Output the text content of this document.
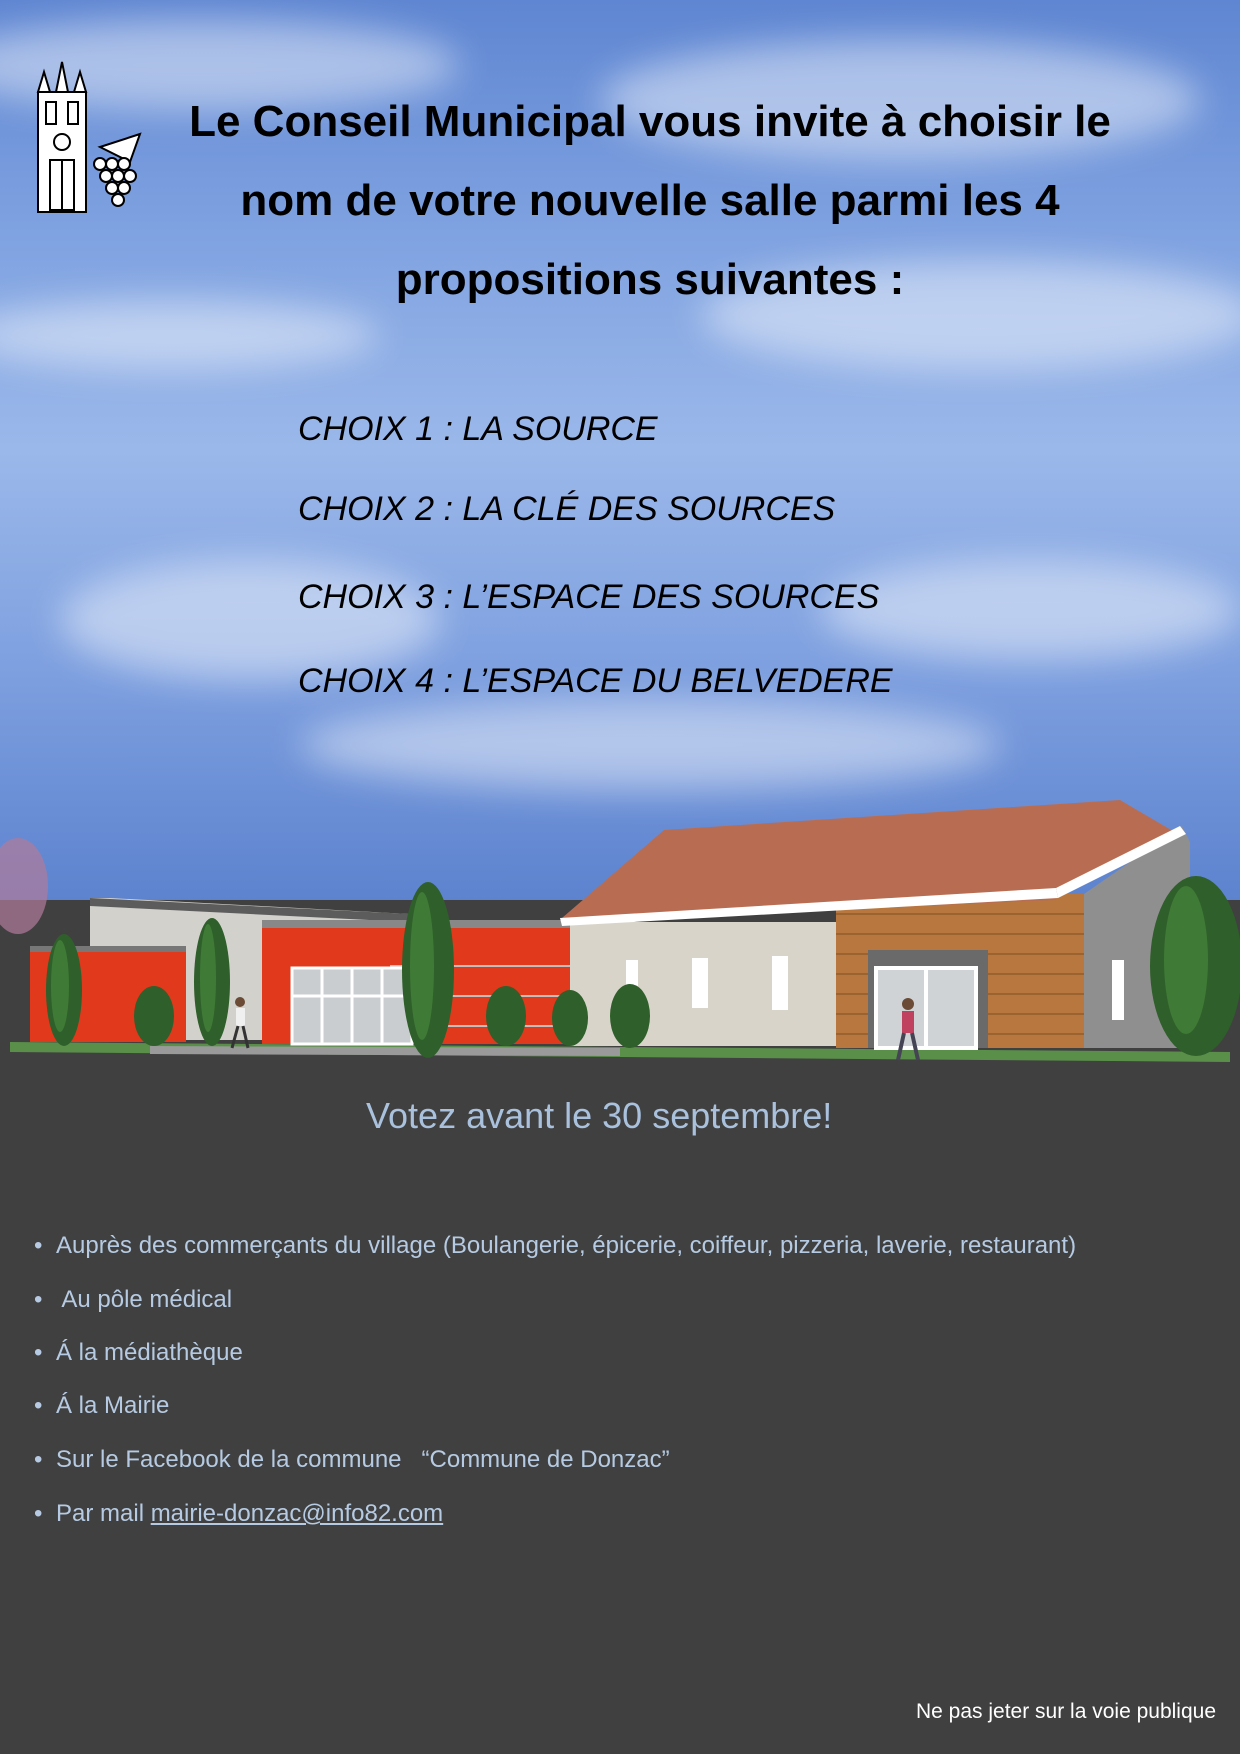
Le Conseil Municipal vous invite à choisir le
nom de votre nouvelle salle parmi les 4
propositions suivantes :
CHOIX 1 : LA SOURCE
CHOIX 2 : LA CLÉ DES SOURCES
CHOIX 3 : L’ESPACE DES SOURCES
CHOIX 4 : L’ESPACE DU BELVEDERE
Votez avant le 30 septembre!
• Auprès des commerçants du village (Boulangerie, épicerie, coiffeur, pizzeria, laverie, restaurant)
• Au pôle médical
• Á la médiathèque
• Á la Mairie
• Sur le Facebook de la commune   “Commune de Donzac”
• Par mail mairie-donzac@info82.com
Ne pas jeter sur la voie publique
